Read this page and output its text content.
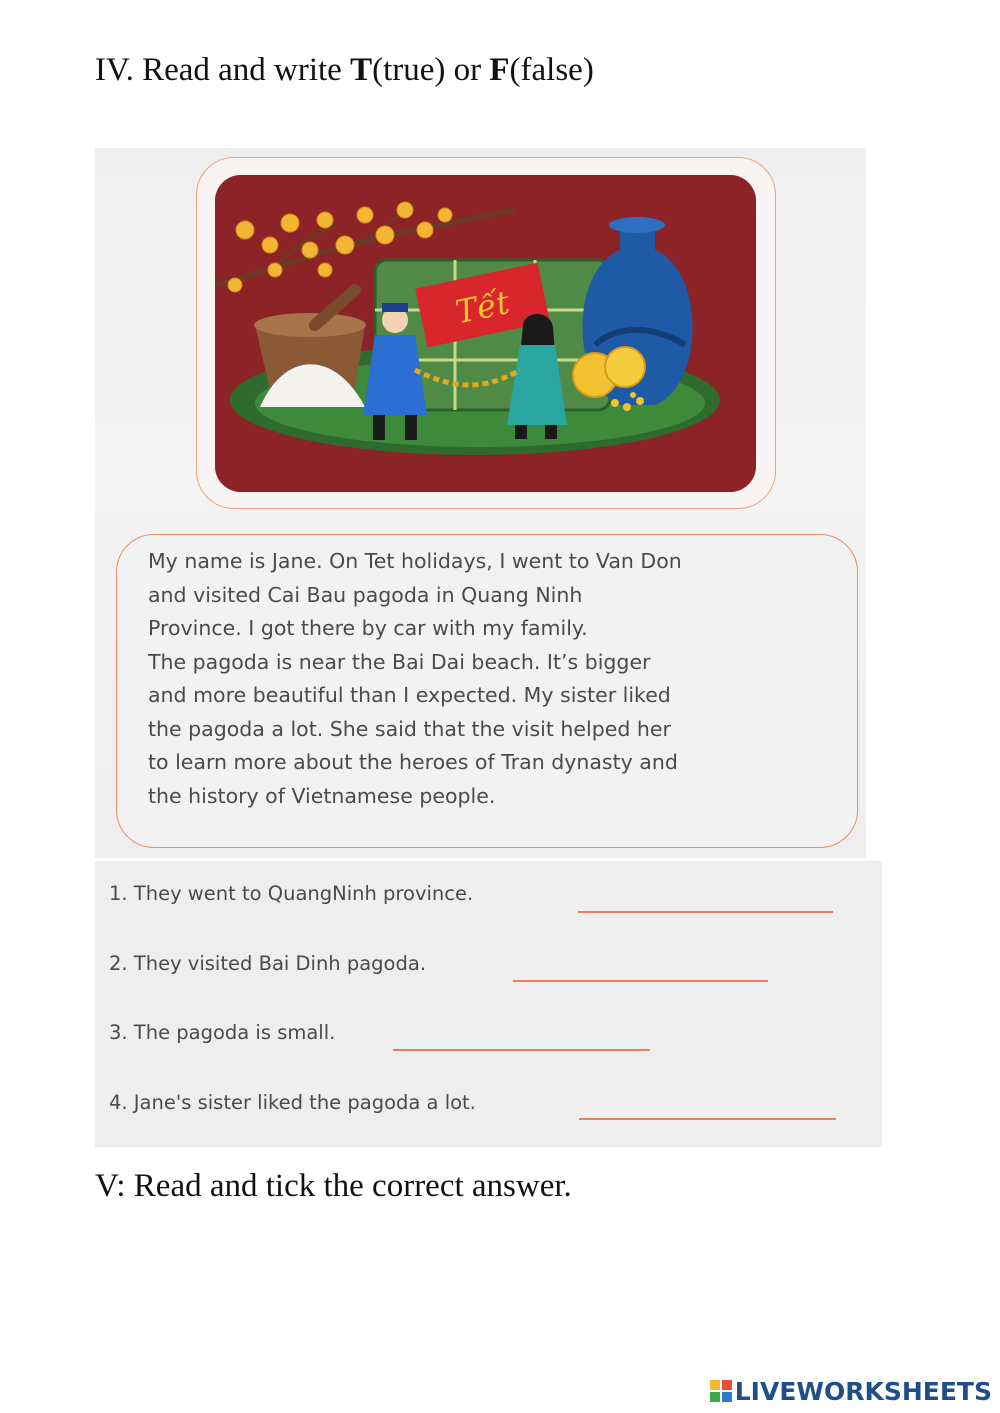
IV. Read and write T(true) or F(false)
Tết
My name is Jane. On Tet holidays, I went to Van Don
and visited Cai Bau pagoda in Quang Ninh
Province. I got there by car with my family.
The pagoda is near the Bai Dai beach. It’s bigger
and more beautiful than I expected. My sister liked
the pagoda a lot. She said that the visit helped her
to learn more about the heroes of Tran dynasty and
the history of Vietnamese people.
1. They went to QuangNinh province.
2. They visited Bai Dinh pagoda.
3. The pagoda is small.
4. Jane's sister liked the pagoda a lot.
V: Read and tick the correct answer.
LIVEWORKSHEETS
